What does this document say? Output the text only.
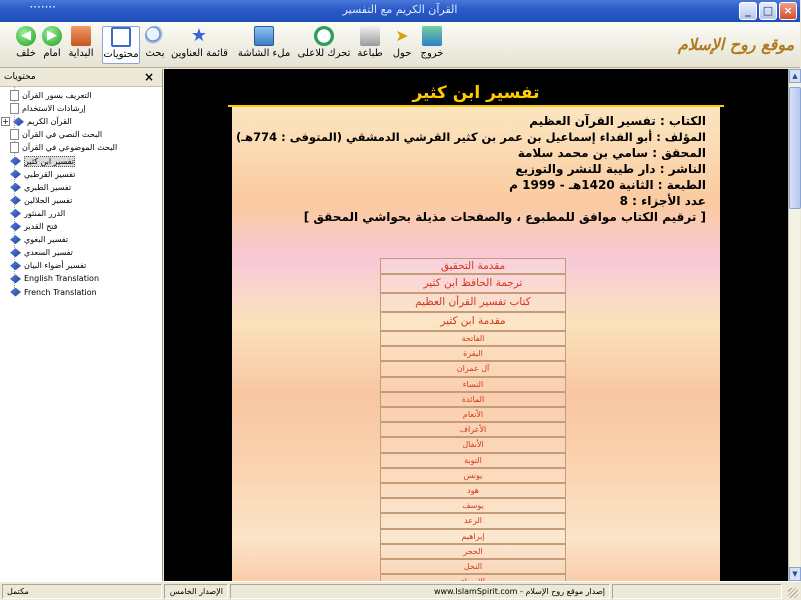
ꞏꞏꞏꞏꞏꞏꞏ	القرآن الكريم مع التفسير	_	□ ×
◀
خلف
▶
امام البداية محتويات بحث
★
قائمة العناوين ملء الشاشة تحرك للاعلى طباعة
➤
حول خروج	موقع روح الإسلام
محتويات	×
التعريف بسور القرآن
إرشادات الاستخدام
+ القرآن الكريم
البحث النصي في القرآن
البحث الموضوعي في القرآن
تفسير ابن كثير
تفسير القرطبي
تفسير الطبري
تفسير الجلالين
الدرر المنثور
فتح القدير
تفسير البغوي
تفسير السعدي
تفسير أضواء البيان
English Translation
French Translation
تفسير ابن كثير
الكتاب : تفسير القرآن العظيم
المؤلف : أبو الفداء إسماعيل بن عمر بن كثير القرشي الدمشقي (المتوفى : 774هـ)
المحقق : سامي بن محمد سلامة
الناشر : دار طيبة للنشر والتوزيع
الطبعة : الثانية 1420هـ - 1999 م
عدد الأجزاء : 8
[ ترقيم الكتاب موافق للمطبوع ، والصفحات مذيلة بحواشي المحقق ]
مقدمة التحقيق
ترجمة الحافظ ابن كثير
كتاب تفسير القرآن العظيم
مقدمة ابن كثير
الفاتحة
البقرة
آل عمران
النساء
المائدة
الأنعام
الأعراف
الأنفال
التوبة
يونس
هود
يوسف
الرعد
إبراهيم
الحجر
النحل
▲
▼
مكتمل	الإصدار الخامس	إصدار موقع روح الإسلام - www.IslamSpirit.com
